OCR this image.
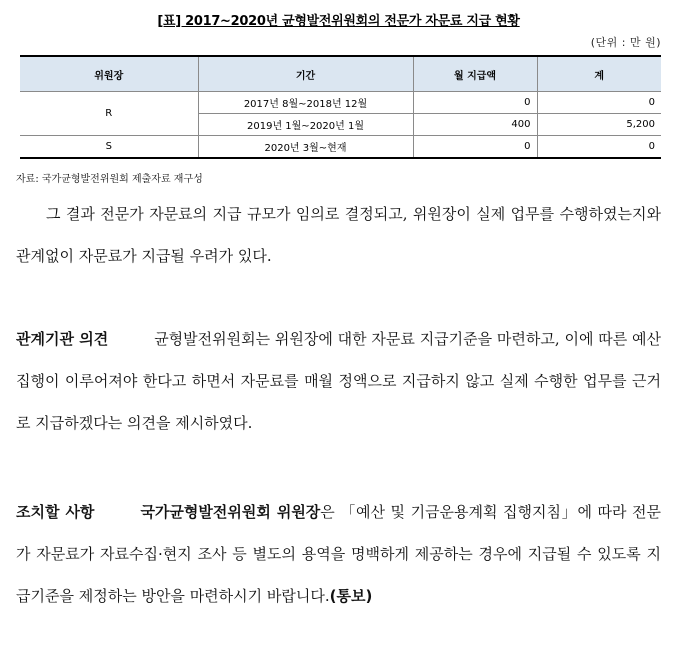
[표] 2017~2020년 균형발전위원회의 전문가 자문료 지급 현황
(단위 : 만 원)
위원장	기간	월 지급액	계
R	2017년 8월~2018년 12월	0	0
	2019년 1월~2020년 1월	400	5,200
S	2020년 3월~현재	0	0
자료: 국가균형발전위원회 제출자료 재구성
그 결과 전문가 자문료의 지급 규모가 임의로 결정되고, 위원장이 실제 업무를 수행하였는지와 관계없이 자문료가 지급될 우려가 있다.
관계기관 의견	균형발전위원회는 위원장에 대한 자문료 지급기준을 마련하고, 이에 따른 예산집행이 이루어져야 한다고 하면서 자문료를 매월 정액으로 지급하지 않고 실제 수행한 업무를 근거로 지급하겠다는 의견을 제시하였다.
조치할 사항	국가균형발전위원회 위원장은 「예산 및 기금운용계획 집행지침」에 따라 전문가 자문료가 자료수집·현지 조사 등 별도의 용역을 명백하게 제공하는 경우에 지급될 수 있도록 지급기준을 제정하는 방안을 마련하시기 바랍니다.(통보)
